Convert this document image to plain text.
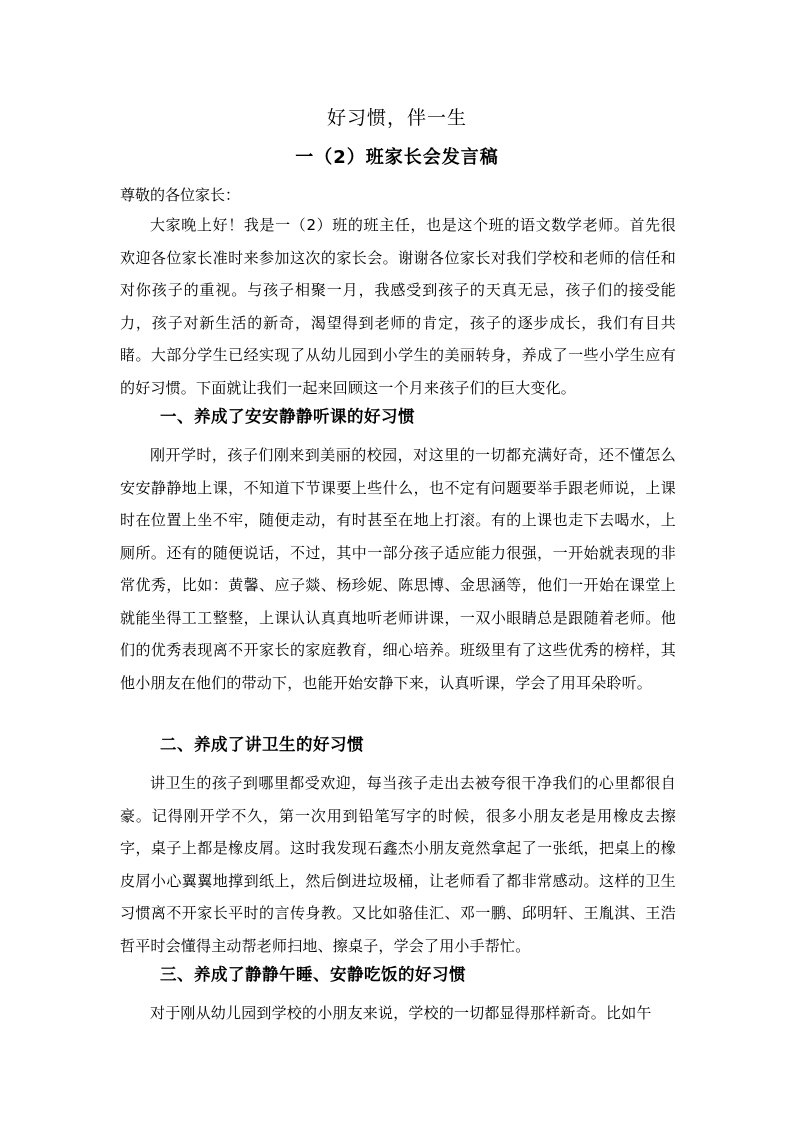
好习惯，伴一生
一（2）班家长会发言稿
尊敬的各位家长：

大家晚上好！我是一（2）班的班主任，也是这个班的语文数学老师。首先很欢迎各位家长准时来参加这次的家长会。谢谢各位家长对我们学校和老师的信任和对你孩子的重视。与孩子相聚一月，我感受到孩子的天真无忌，孩子们的接受能力，孩子对新生活的新奇，渴望得到老师的肯定，孩子的逐步成长，我们有目共睹。大部分学生已经实现了从幼儿园到小学生的美丽转身，养成了一些小学生应有的好习惯。下面就让我们一起来回顾这一个月来孩子们的巨大变化。

一、养成了安安静静听课的好习惯

刚开学时，孩子们刚来到美丽的校园，对这里的一切都充满好奇，还不懂怎么安安静静地上课，不知道下节课要上些什么，也不定有问题要举手跟老师说，上课时在位置上坐不牢，随便走动，有时甚至在地上打滚。有的上课也走下去喝水，上厕所。还有的随便说话，不过，其中一部分孩子适应能力很强，一开始就表现的非常优秀，比如：黄馨、应子燚、杨珍妮、陈思博、金思涵等，他们一开始在课堂上就能坐得工工整整，上课认认真真地听老师讲课，一双小眼睛总是跟随着老师。他们的优秀表现离不开家长的家庭教育，细心培养。班级里有了这些优秀的榜样，其他小朋友在他们的带动下，也能开始安静下来，认真听课，学会了用耳朵聆听。

二、养成了讲卫生的好习惯

讲卫生的孩子到哪里都受欢迎，每当孩子走出去被夸很干净我们的心里都很自豪。记得刚开学不久，第一次用到铅笔写字的时候，很多小朋友老是用橡皮去擦字，桌子上都是橡皮屑。这时我发现石鑫杰小朋友竟然拿起了一张纸，把桌上的橡皮屑小心翼翼地撑到纸上，然后倒进垃圾桶，让老师看了都非常感动。这样的卫生习惯离不开家长平时的言传身教。又比如骆佳汇、邓一鹏、邱明轩、王胤淇、王浩哲平时会懂得主动帮老师扫地、擦桌子，学会了用小手帮忙。

三、养成了静静午睡、安静吃饭的好习惯

对于刚从幼儿园到学校的小朋友来说，学校的一切都显得那样新奇。比如午
